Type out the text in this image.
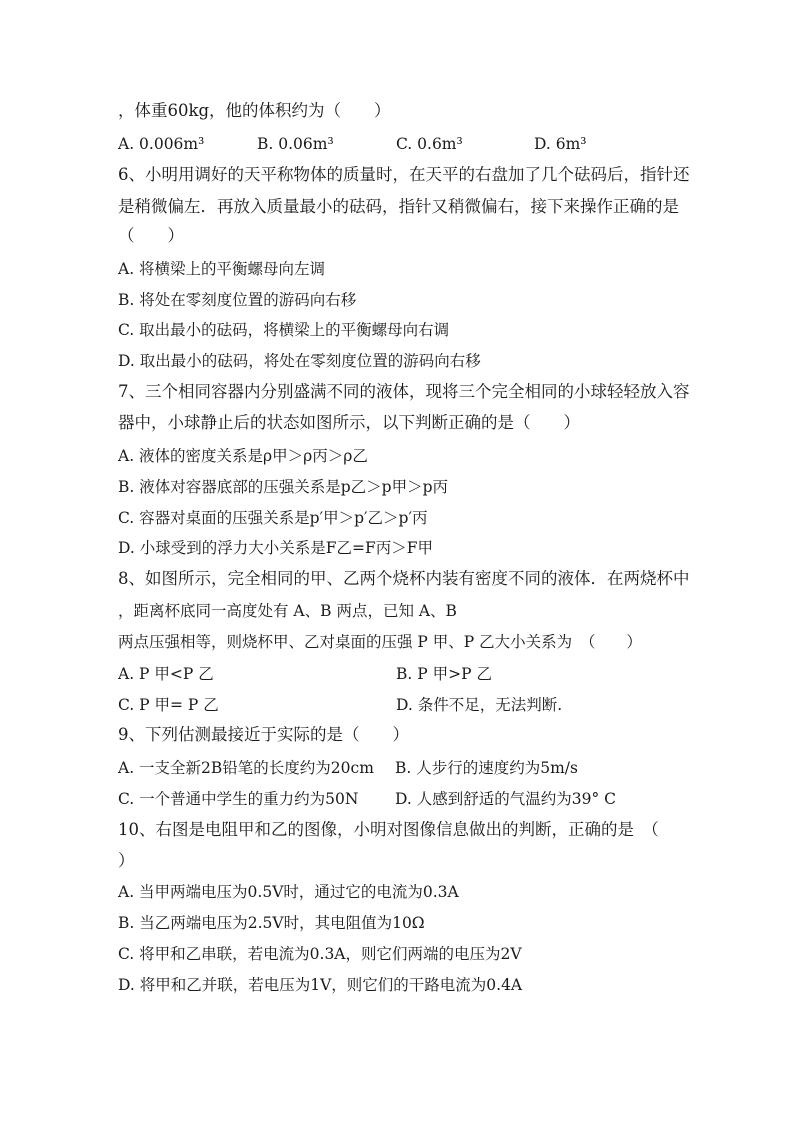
，体重60kg，他的体积约为（　　）
A. 0.006m³	B. 0.06m³	C. 0.6m³	D. 6m³
6、小明用调好的天平称物体的质量时，在天平的右盘加了几个砝码后，指针还
是稍微偏左．再放入质量最小的砝码，指针又稍微偏右，接下来操作正确的是
（　　）
A. 将横梁上的平衡螺母向左调
B. 将处在零刻度位置的游码向右移
C. 取出最小的砝码，将横梁上的平衡螺母向右调
D. 取出最小的砝码，将处在零刻度位置的游码向右移
7、三个相同容器内分别盛满不同的液体，现将三个完全相同的小球轻轻放入容
器中，小球静止后的状态如图所示，以下判断正确的是（　　）
A. 液体的密度关系是ρ甲＞ρ丙＞ρ乙
B. 液体对容器底部的压强关系是p乙＞p甲＞p丙
C. 容器对桌面的压强关系是p′甲＞p′乙＞p′丙
D. 小球受到的浮力大小关系是F乙=F丙＞F甲
8、如图所示，完全相同的甲、乙两个烧杯内装有密度不同的液体．在两烧杯中
，距离杯底同一高度处有 A、B 两点，已知 A、B
两点压强相等，则烧杯甲、乙对桌面的压强 P 甲、P 乙大小关系为　（　　）
A. P 甲<P 乙	B. P 甲>P 乙
C. P 甲= P 乙	D. 条件不足，无法判断.
9、下列估测最接近于实际的是（　　）
A. 一支全新2B铅笔的长度约为20cm B. 人步行的速度约为5m/s
C. 一个普通中学生的重力约为50N D. 人感到舒适的气温约为39° C
10、右图是电阻甲和乙的图像，小明对图像信息做出的判断，正确的是　（
）
A. 当甲两端电压为0.5V时，通过它的电流为0.3A
B. 当乙两端电压为2.5V时，其电阻值为10Ω
C. 将甲和乙串联，若电流为0.3A，则它们两端的电压为2V
D. 将甲和乙并联，若电压为1V，则它们的干路电流为0.4A
